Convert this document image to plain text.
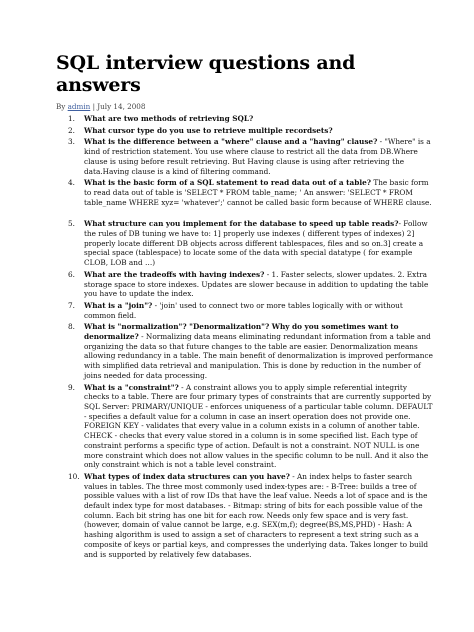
SQL interview questions and answers
By admin | July 14, 2008
1. What are two methods of retrieving SQL?
2. What cursor type do you use to retrieve multiple recordsets?
3. What is the difference between a "where" clause and a "having" clause? - "Where" is a kind of restriction statement. You use where clause to restrict all the data from DB.Where clause is using before result retrieving. But Having clause is using after retrieving the data.Having clause is a kind of filtering command.
4. What is the basic form of a SQL statement to read data out of a table? The basic form to read data out of table is 'SELECT * FROM table_name; ' An answer: 'SELECT * FROM table_name WHERE xyz= 'whatever';' cannot be called basic form because of WHERE clause.
5. What structure can you implement for the database to speed up table reads?- Follow the rules of DB tuning we have to: 1] properly use indexes ( different types of indexes) 2] properly locate different DB objects across different tablespaces, files and so on.3] create a special space (tablespace) to locate some of the data with special datatype ( for example CLOB, LOB and …)
6. What are the tradeoffs with having indexes? - 1. Faster selects, slower updates. 2. Extra storage space to store indexes. Updates are slower because in addition to updating the table you have to update the index.
7. What is a "join"? - 'join' used to connect two or more tables logically with or without common field.
8. What is "normalization"? "Denormalization"? Why do you sometimes want to denormalize? - Normalizing data means eliminating redundant information from a table and organizing the data so that future changes to the table are easier. Denormalization means allowing redundancy in a table. The main benefit of denormalization is improved performance with simplified data retrieval and manipulation. This is done by reduction in the number of joins needed for data processing.
9. What is a "constraint"? - A constraint allows you to apply simple referential integrity checks to a table. There are four primary types of constraints that are currently supported by SQL Server: PRIMARY/UNIQUE - enforces uniqueness of a particular table column. DEFAULT - specifies a default value for a column in case an insert operation does not provide one. FOREIGN KEY - validates that every value in a column exists in a column of another table. CHECK - checks that every value stored in a column is in some specified list. Each type of constraint performs a specific type of action. Default is not a constraint. NOT NULL is one more constraint which does not allow values in the specific column to be null. And it also the only constraint which is not a table level constraint.
10. What types of index data structures can you have? - An index helps to faster search values in tables. The three most commonly used index-types are: - B-Tree: builds a tree of possible values with a list of row IDs that have the leaf value. Needs a lot of space and is the default index type for most databases. - Bitmap: string of bits for each possible value of the column. Each bit string has one bit for each row. Needs only few space and is very fast.(however, domain of value cannot be large, e.g. SEX(m,f); degree(BS,MS,PHD) - Hash: A hashing algorithm is used to assign a set of characters to represent a text string such as a composite of keys or partial keys, and compresses the underlying data. Takes longer to build and is supported by relatively few databases.
